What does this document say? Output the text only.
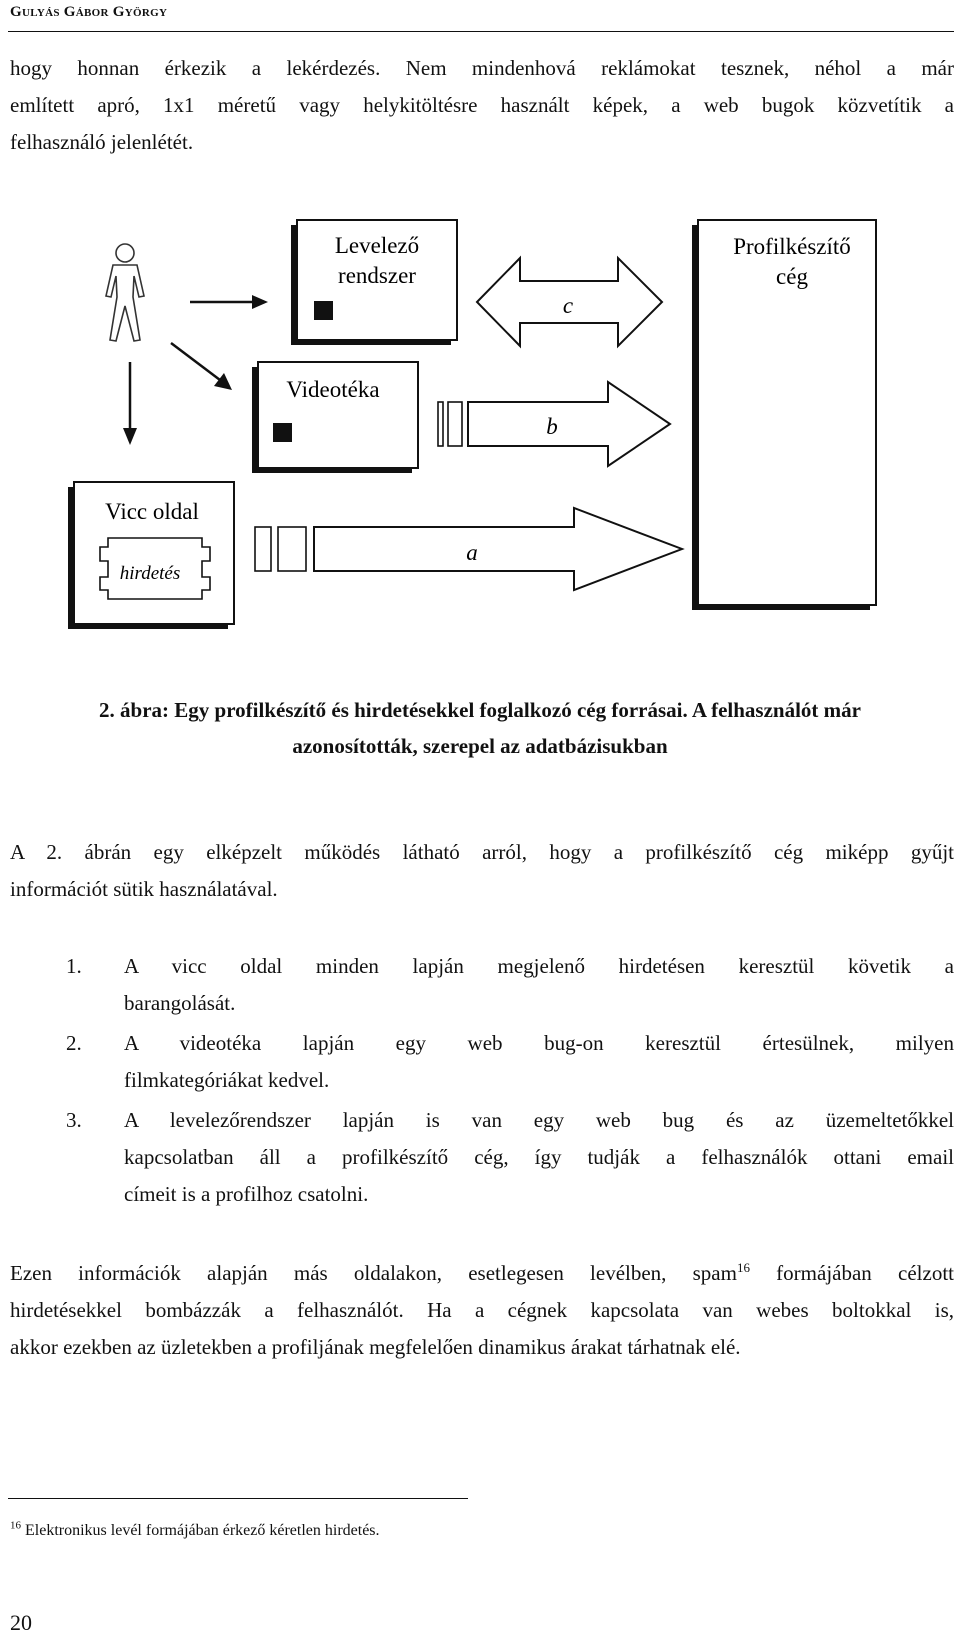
Gulyás Gábor György
hogy honnan érkezik a lekérdezés. Nem mindenhová reklámokat tesznek, néhol a már
említett apró, 1x1 méretű vagy helykitöltésre használt képek, a web bugok közvetítik a
felhasználó jelenlétét.
Levelező
rendszer
Profilkészítő
cég
Videotéka
Vicc oldal
hirdetés
c
b
a
2. ábra: Egy profilkészítő és hirdetésekkel foglalkozó cég forrásai. A felhasználót már
azonosították, szerepel az adatbázisukban
A 2. ábrán egy elképzelt működés látható arról, hogy a profilkészítő cég miképp gyűjt
információt sütik használatával.
1. A vicc oldal minden lapján megjelenő hirdetésen keresztül követik a
barangolását.
2. A videotéka lapján egy web bug-on keresztül értesülnek, milyen
filmkategóriákat kedvel.
3. A levelezőrendszer lapján is van egy web bug és az üzemeltetőkkel
kapcsolatban áll a profilkészítő cég, így tudják a felhasználók ottani email
címeit is a profilhoz csatolni.
Ezen információk alapján más oldalakon, esetlegesen levélben, spam$^{16}$ formájában célzott
hirdetésekkel bombázzák a felhasználót. Ha a cégnek kapcsolata van webes boltokkal is,
akkor ezekben az üzletekben a profiljának megfelelően dinamikus árakat tárhatnak elé.
$^{16}$ Elektronikus levél formájában érkező kéretlen hirdetés.
20
